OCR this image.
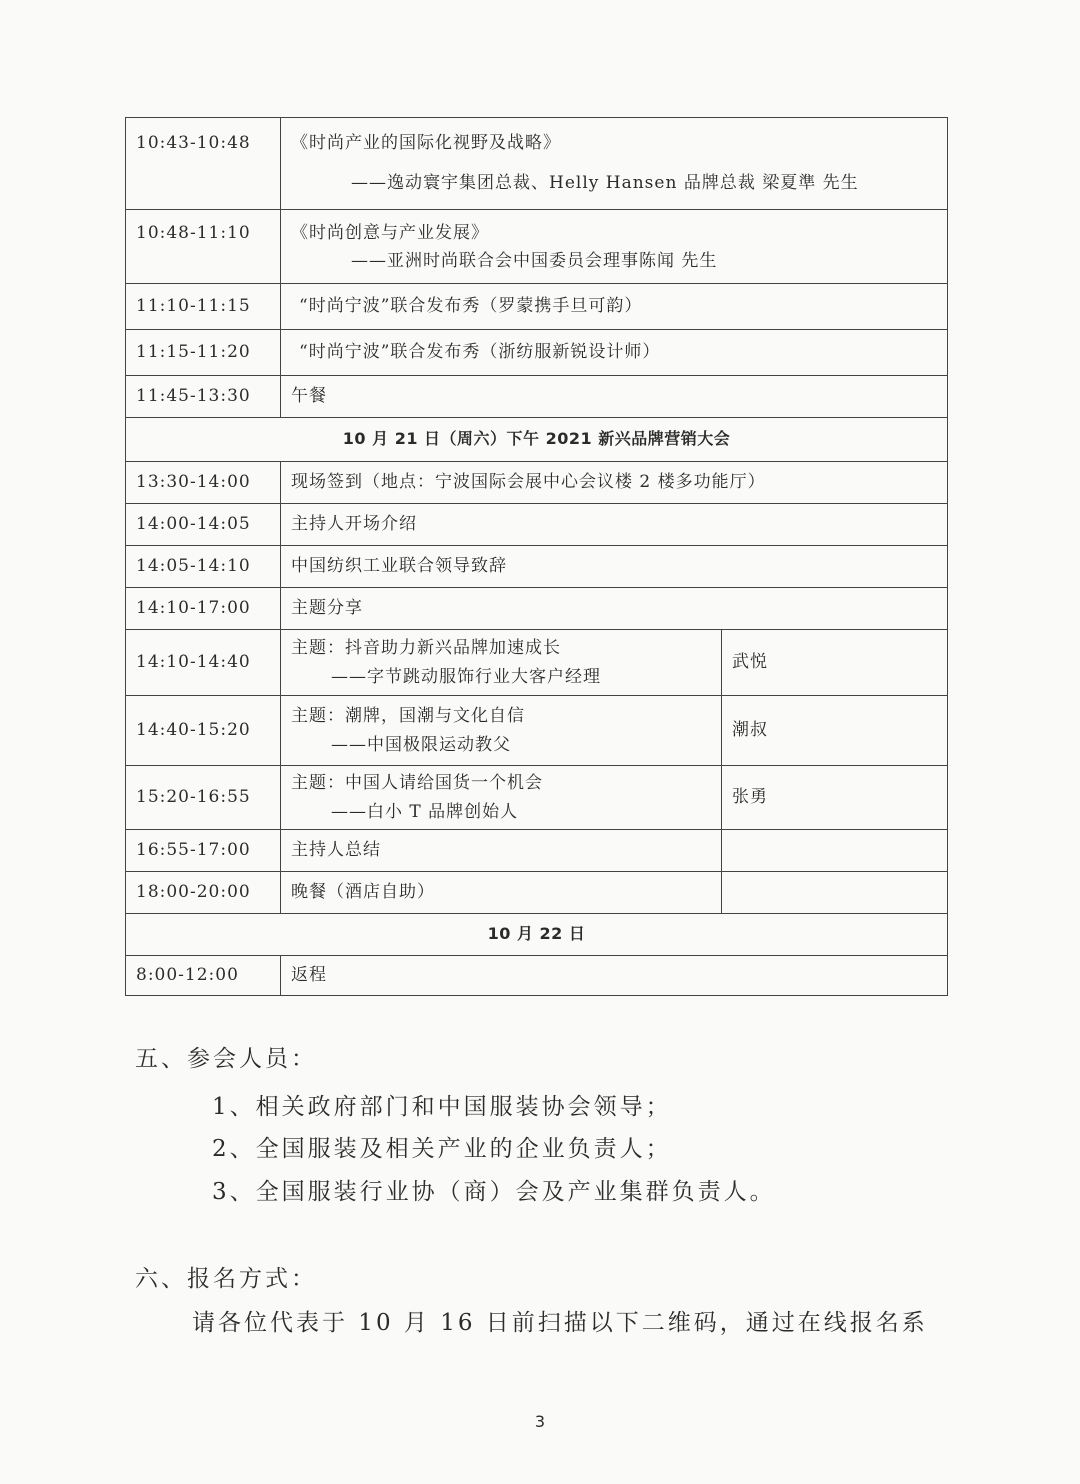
10:43-10:48	《时尚产业的国际化视野及战略》
——逸动寰宇集团总裁、Helly Hansen 品牌总裁 梁夏準 先生	

10:48-11:10	《时尚创意与产业发展》
——亚洲时尚联合会中国委员会理事陈闻 先生	

11:10-11:15	“时尚宁波”联合发布秀（罗蒙携手旦可韵）	
11:15-11:20	“时尚宁波”联合发布秀（浙纺服新锐设计师）	
11:45-13:30	午餐	
10 月 21 日（周六）下午 2021 新兴品牌营销大会		
13:30-14:00	现场签到（地点：宁波国际会展中心会议楼 2 楼多功能厅）	
14:00-14:05	主持人开场介绍	
14:05-14:10	中国纺织工业联合领导致辞	
14:10-17:00	主题分享	
14:10-14:40	主题：抖音助力新兴品牌加速成长
——字节跳动服饰行业大客户经理	武悦
14:40-15:20	主题：潮牌，国潮与文化自信
——中国极限运动教父	潮叔
15:20-16:55	主题：中国人请给国货一个机会
——白小 T 品牌创始人	张勇
16:55-17:00	主持人总结	
18:00-20:00	晚餐（酒店自助）	
10 月 22 日		
8:00-12:00	返程	
五、参会人员：
1、相关政府部门和中国服装协会领导；
2、全国服装及相关产业的企业负责人；
3、全国服装行业协（商）会及产业集群负责人。
六、报名方式：
请各位代表于 10 月 16 日前扫描以下二维码，通过在线报名系
3
